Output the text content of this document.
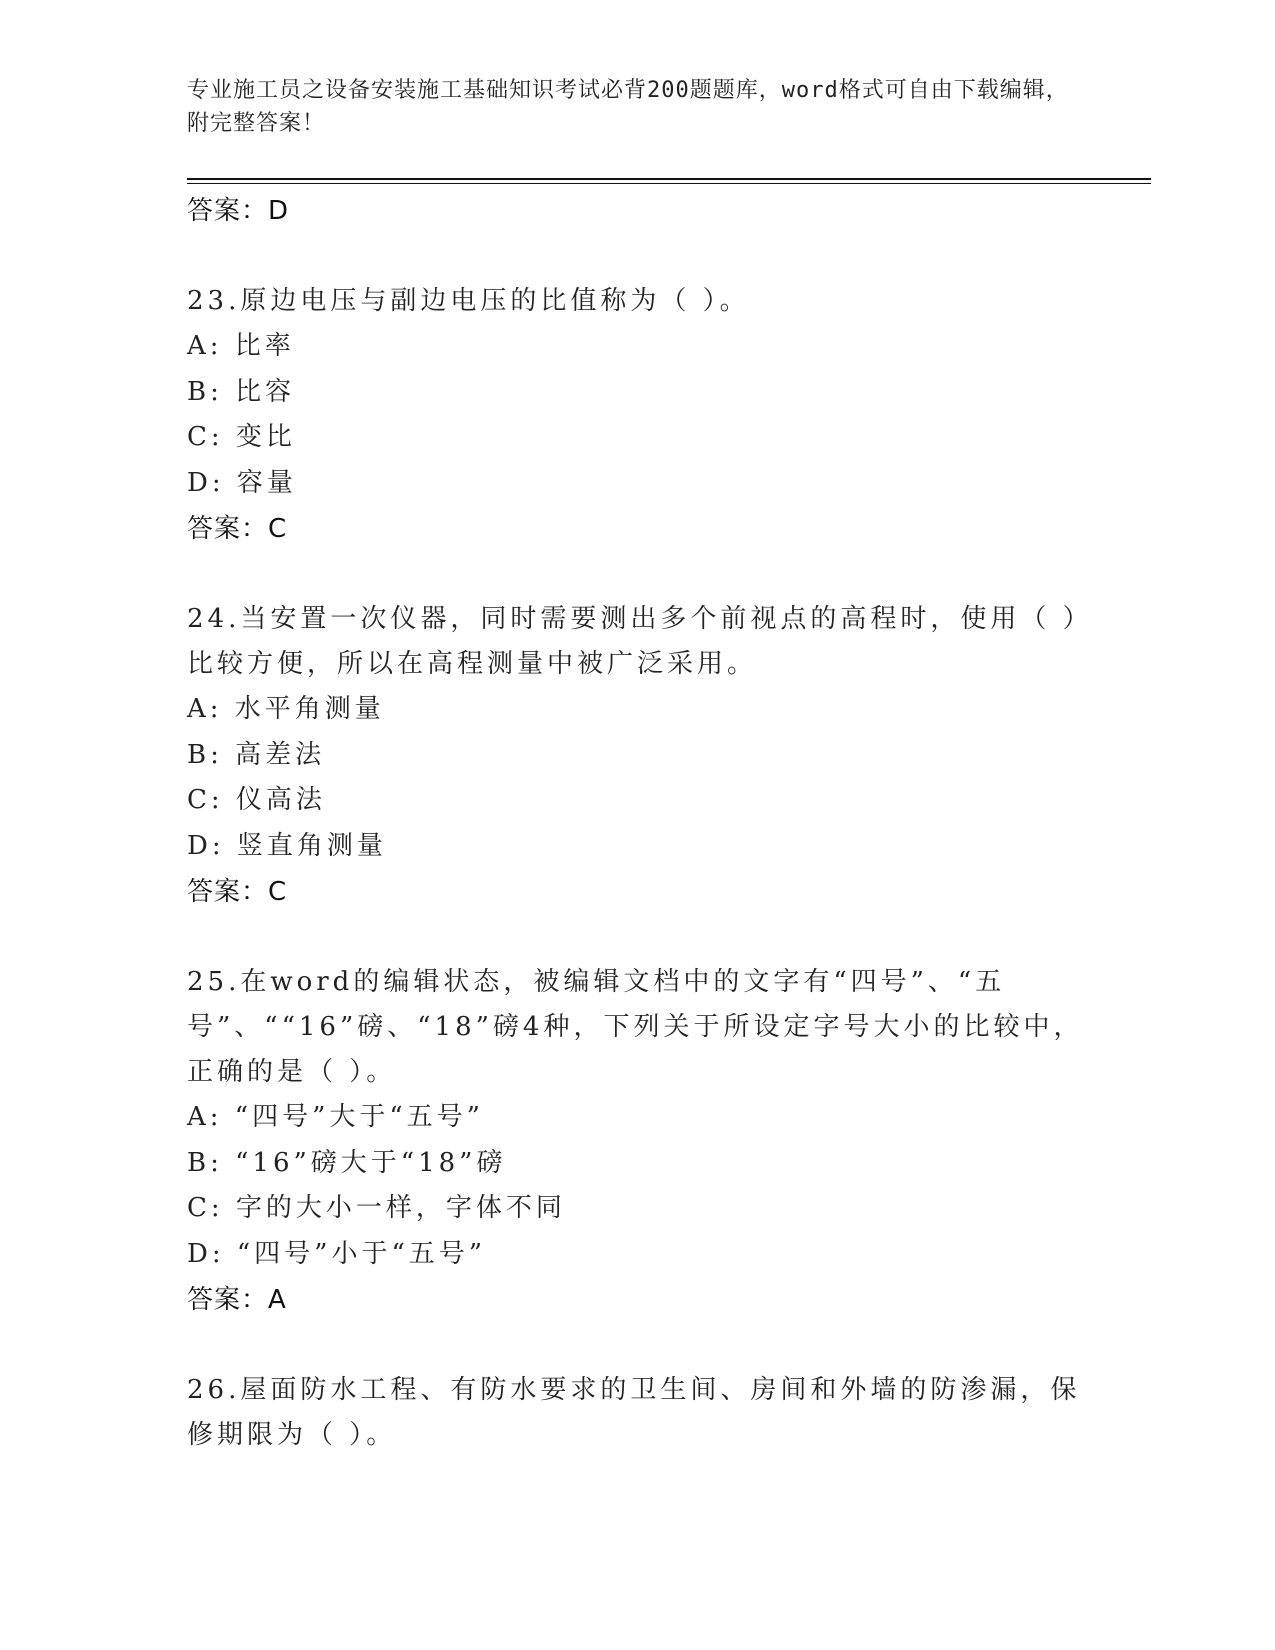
专业施工员之设备安装施工基础知识考试必背200题题库，word格式可自由下载编辑，附完整答案！
答案：D
23.原边电压与副边电压的比值称为（ ）。
A: 比率
B: 比容
C: 变比
D: 容量
答案：C
24.当安置一次仪器，同时需要测出多个前视点的高程时，使用（ ）比较方便，所以在高程测量中被广泛采用。
A: 水平角测量
B: 高差法
C: 仪高法
D: 竖直角测量
答案：C
25.在word的编辑状态，被编辑文档中的文字有“四号”、“五号”、““16”磅、“18”磅4种，下列关于所设定字号大小的比较中，正确的是（ ）。
A: “四号”大于“五号”
B: “16”磅大于“18”磅
C: 字的大小一样，字体不同
D: “四号”小于“五号”
答案：A
26.屋面防水工程、有防水要求的卫生间、房间和外墙的防渗漏，保修期限为（ ）。
